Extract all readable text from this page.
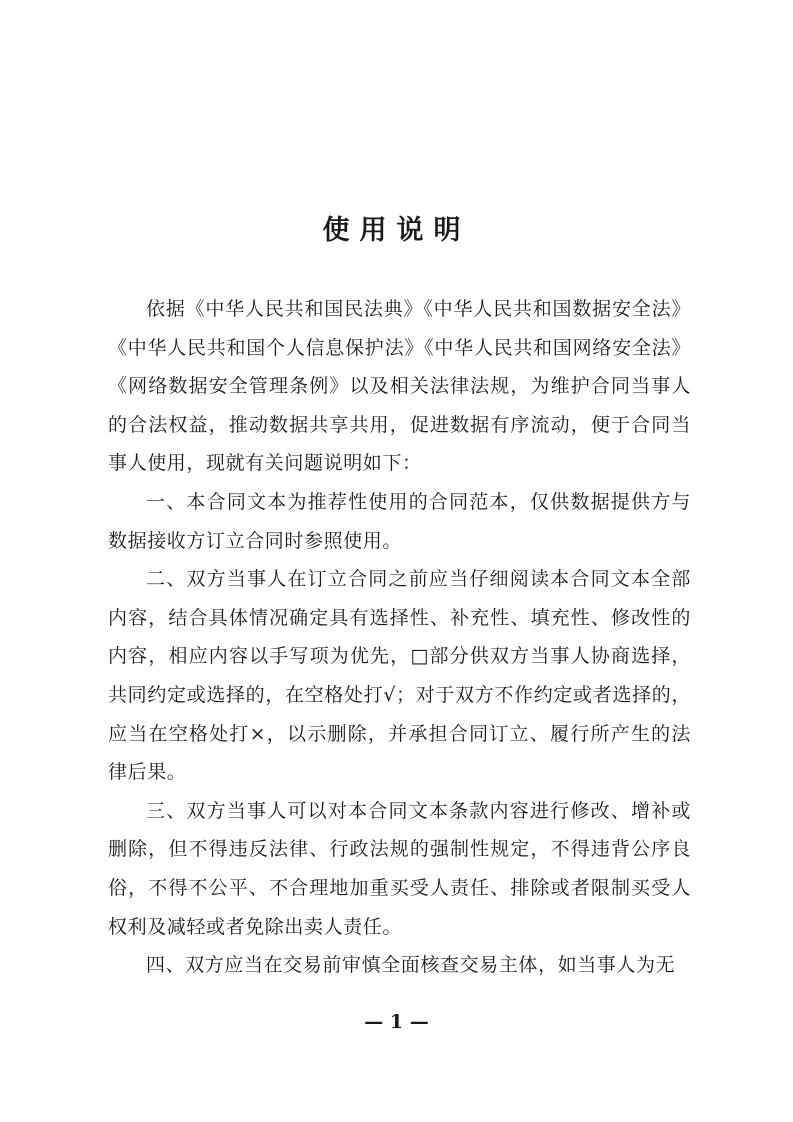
使用说明

依据《中华人民共和国民法典》《中华人民共和国数据安全法》《中华人民共和国个人信息保护法》《中华人民共和国网络安全法》《网络数据安全管理条例》以及相关法律法规，为维护合同当事人的合法权益，推动数据共享共用，促进数据有序流动，便于合同当事人使用，现就有关问题说明如下：

一、本合同文本为推荐性使用的合同范本，仅供数据提供方与数据接收方订立合同时参照使用。

二、双方当事人在订立合同之前应当仔细阅读本合同文本全部内容，结合具体情况确定具有选择性、补充性、填充性、修改性的内容，相应内容以手写项为优先，□部分供双方当事人协商选择，共同约定或选择的，在空格处打√；对于双方不作约定或者选择的，应当在空格处打×，以示删除，并承担合同订立、履行所产生的法律后果。

三、双方当事人可以对本合同文本条款内容进行修改、增补或删除，但不得违反法律、行政法规的强制性规定，不得违背公序良俗，不得不公平、不合理地加重买受人责任、排除或者限制买受人权利及减轻或者免除出卖人责任。

四、双方应当在交易前审慎全面核查交易主体，如当事人为无

— 1 —
